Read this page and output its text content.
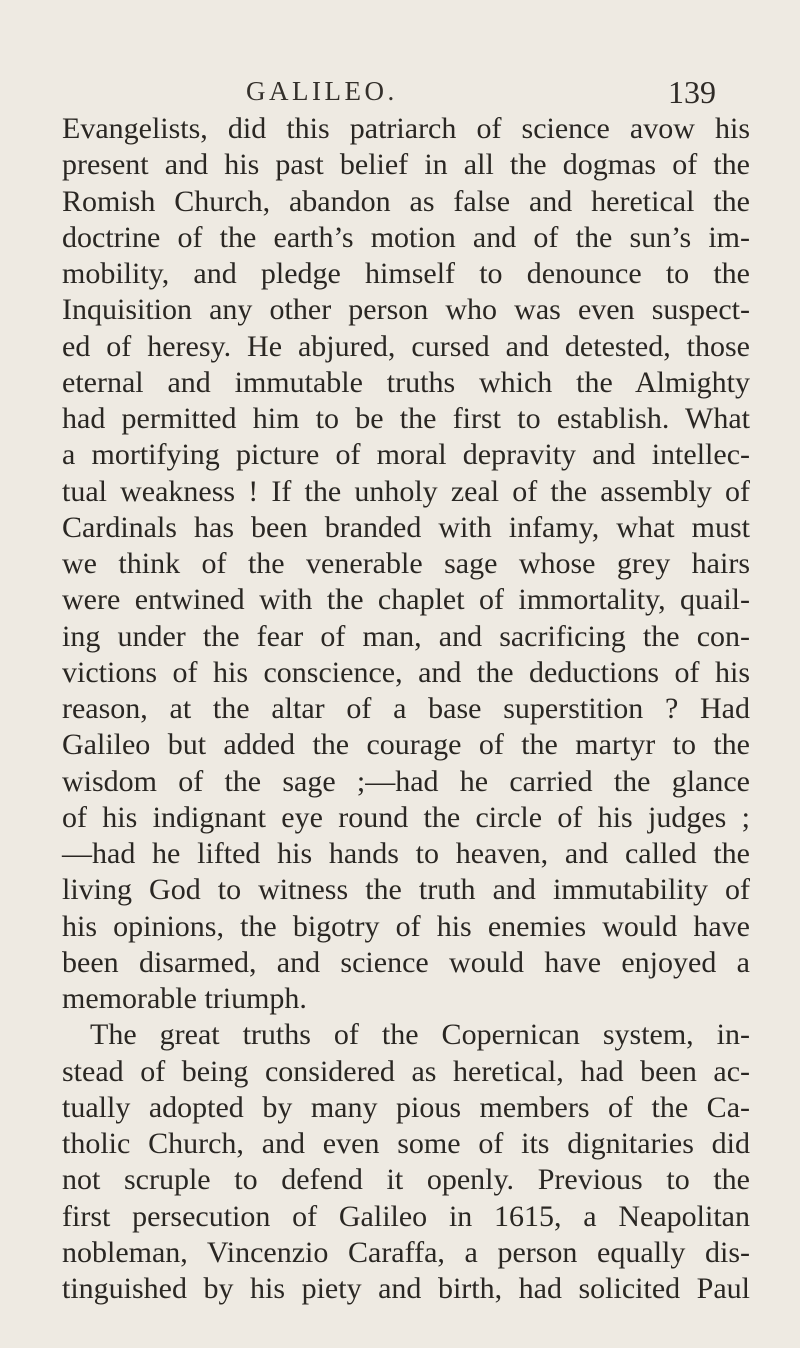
GALILEO.	139
Evangelists, did this patriarch of science avow his
present and his past belief in all the dogmas of the
Romish Church, abandon as false and heretical the
doctrine of the earth’s motion and of the sun’s im-
mobility, and pledge himself to denounce to the
Inquisition any other person who was even suspect-
ed of heresy. He abjured, cursed and detested, those
eternal and immutable truths which the Almighty
had permitted him to be the first to establish. What
a mortifying picture of moral depravity and intellec-
tual weakness ! If the unholy zeal of the assembly of
Cardinals has been branded with infamy, what must
we think of the venerable sage whose grey hairs
were entwined with the chaplet of immortality, quail-
ing under the fear of man, and sacrificing the con-
victions of his conscience, and the deductions of his
reason, at the altar of a base superstition ? Had
Galileo but added the courage of the martyr to the
wisdom of the sage ;—had he carried the glance
of his indignant eye round the circle of his judges ;
—had he lifted his hands to heaven, and called the
living God to witness the truth and immutability of
his opinions, the bigotry of his enemies would have
been disarmed, and science would have enjoyed a
memorable triumph.
The great truths of the Copernican system, in-
stead of being considered as heretical, had been ac-
tually adopted by many pious members of the Ca-
tholic Church, and even some of its dignitaries did
not scruple to defend it openly. Previous to the
first persecution of Galileo in 1615, a Neapolitan
nobleman, Vincenzio Caraffa, a person equally dis-
tinguished by his piety and birth, had solicited Paul
